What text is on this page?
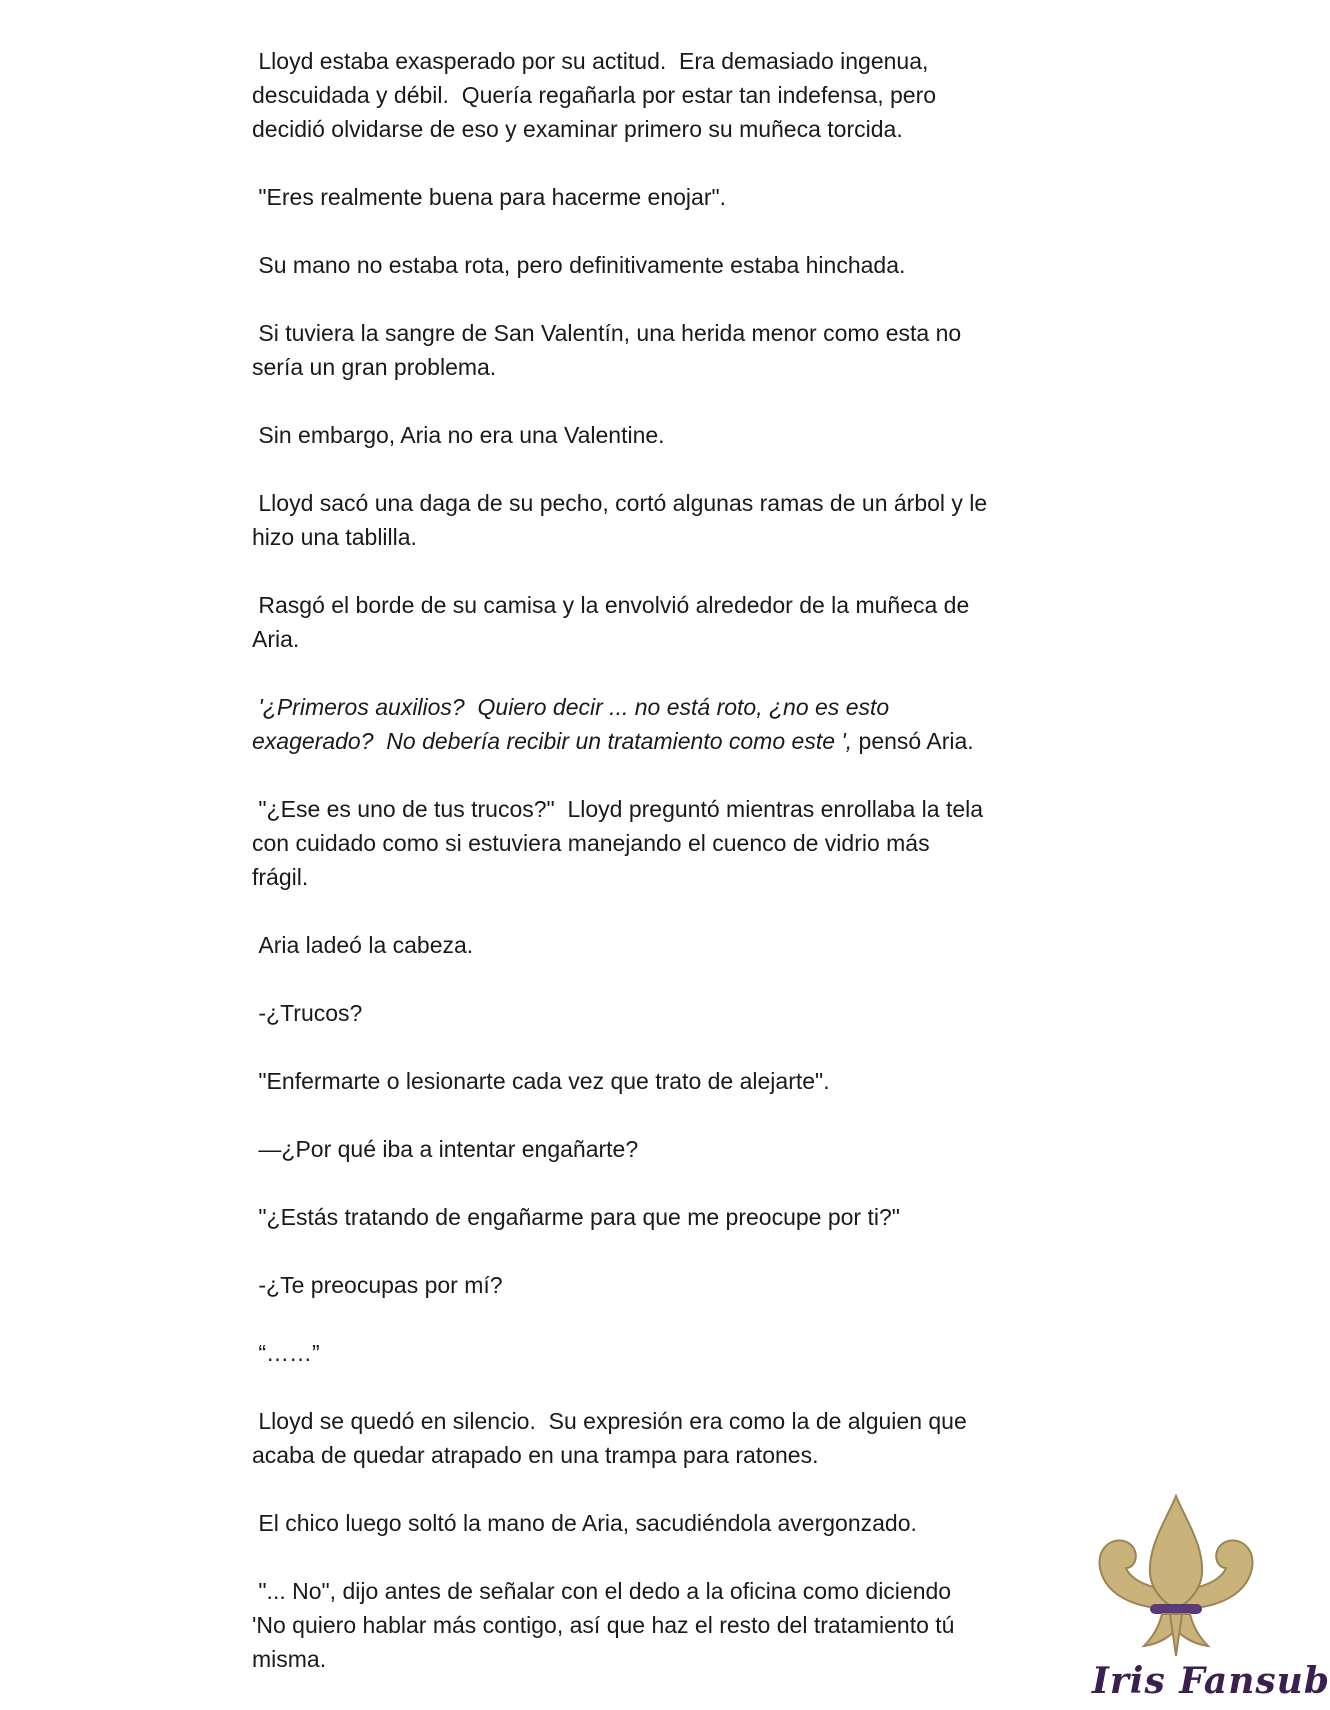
Lloyd estaba exasperado por su actitud.  Era demasiado ingenua,
descuidada y débil.  Quería regañarla por estar tan indefensa, pero
decidió olvidarse de eso y examinar primero su muñeca torcida.

"Eres realmente buena para hacerme enojar".

Su mano no estaba rota, pero definitivamente estaba hinchada.

Si tuviera la sangre de San Valentín, una herida menor como esta no
sería un gran problema.

Sin embargo, Aria no era una Valentine.

Lloyd sacó una daga de su pecho, cortó algunas ramas de un árbol y le
hizo una tablilla.

Rasgó el borde de su camisa y la envolvió alrededor de la muñeca de
Aria.

'¿Primeros auxilios?  Quiero decir ... no está roto, ¿no es esto
exagerado?  No debería recibir un tratamiento como este ', pensó Aria.

"¿Ese es uno de tus trucos?"  Lloyd preguntó mientras enrollaba la tela
con cuidado como si estuviera manejando el cuenco de vidrio más
frágil.

Aria ladeó la cabeza.

-¿Trucos?

"Enfermarte o lesionarte cada vez que trato de alejarte".

—¿Por qué iba a intentar engañarte?

"¿Estás tratando de engañarme para que me preocupe por ti?"

-¿Te preocupas por mí?

“……”

Lloyd se quedó en silencio.  Su expresión era como la de alguien que
acaba de quedar atrapado en una trampa para ratones.

El chico luego soltó la mano de Aria, sacudiéndola avergonzado.

"... No", dijo antes de señalar con el dedo a la oficina como diciendo
'No quiero hablar más contigo, así que haz el resto del tratamiento tú
misma.

Iris Fansub
